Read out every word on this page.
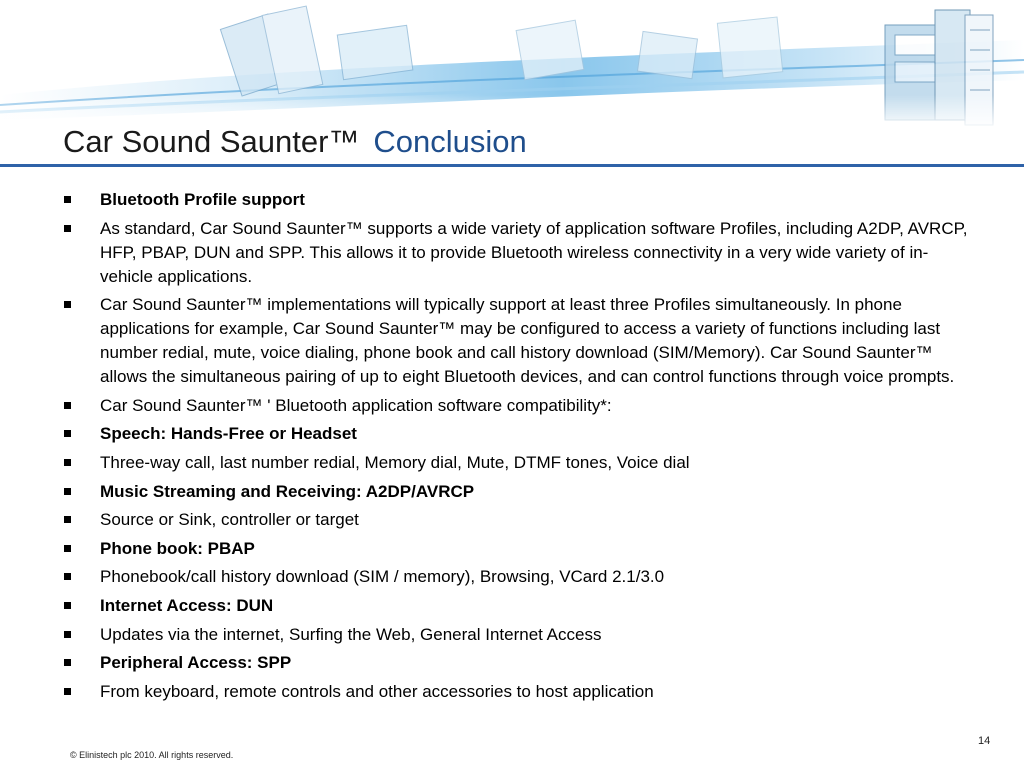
Car Sound Saunter™ Conclusion
Bluetooth Profile support
As standard, Car Sound Saunter™ supports a wide variety of application software Profiles, including A2DP, AVRCP, HFP, PBAP, DUN and SPP. This allows it to provide Bluetooth wireless connectivity in a very wide variety of in-vehicle applications.
Car Sound Saunter™ implementations will typically support at least three Profiles simultaneously. In phone applications for example, Car Sound Saunter™ may be configured to access a variety of functions including last number redial, mute, voice dialing, phone book and call history download (SIM/Memory). Car Sound Saunter™ allows the simultaneous pairing of up to eight Bluetooth devices, and can control functions through voice prompts.
Car Sound Saunter™ ' Bluetooth application software compatibility*:
Speech: Hands-Free or Headset
Three-way call, last number redial, Memory dial, Mute, DTMF tones, Voice dial
Music Streaming and Receiving: A2DP/AVRCP
Source or Sink, controller or target
Phone book: PBAP
Phonebook/call history download (SIM / memory), Browsing, VCard 2.1/3.0
Internet Access: DUN
Updates via the internet, Surfing the Web, General Internet Access
Peripheral Access: SPP
From keyboard, remote controls and other accessories to host application
14
© Elinistech plc 2010. All rights reserved.
